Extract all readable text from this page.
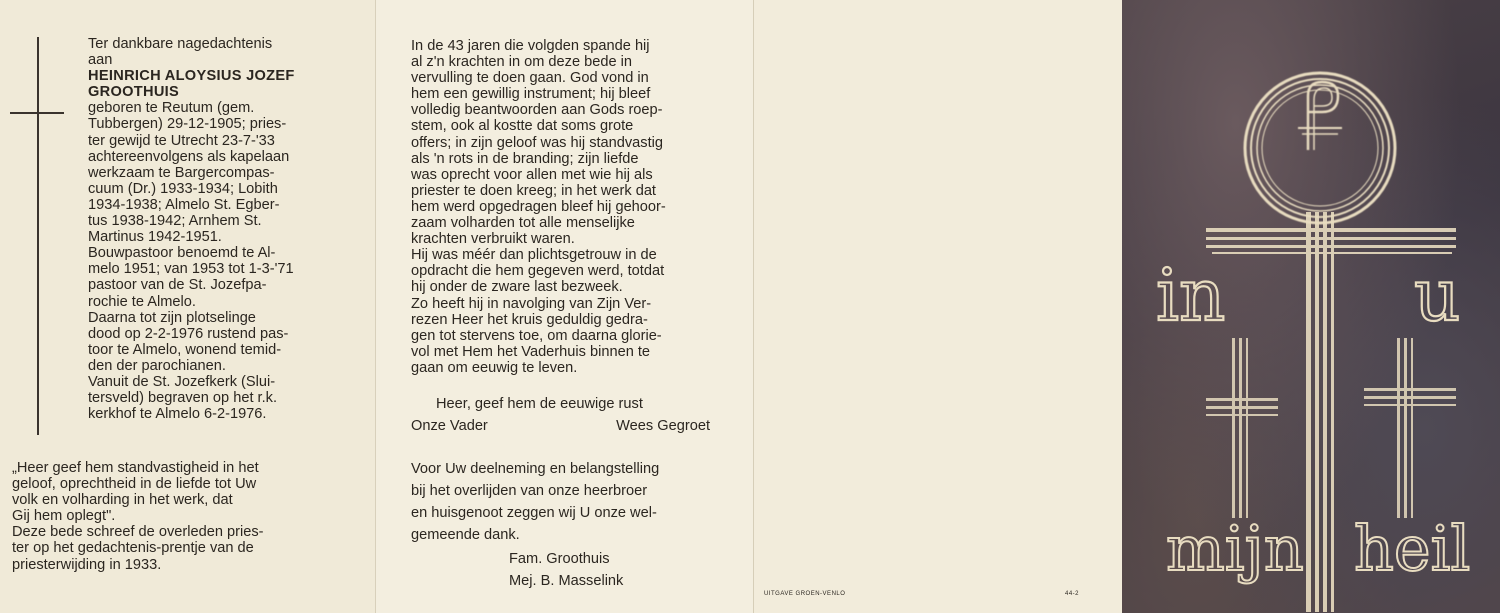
Ter dankbare nagedachtenis

aan

HEINRICH ALOYSIUS JOZEF

GROOTHUIS

geboren te Reutum (gem.

Tubbergen) 29-12-1905; pries-

ter gewijd te Utrecht 23-7-'33

achtereenvolgens als kapelaan

werkzaam te Bargercompas-

cuum (Dr.) 1933-1934; Lobith

1934-1938; Almelo St. Egber-

tus 1938-1942; Arnhem St.

Martinus 1942-1951.

Bouwpastoor benoemd te Al-

melo 1951; van 1953 tot 1-3-'71

pastoor van de St. Jozefpa-

rochie te Almelo.

Daarna tot zijn plotselinge

dood op 2-2-1976 rustend pas-

toor te Almelo, wonend temid-

den der parochianen.

Vanuit de St. Jozefkerk (Slui-

tersveld) begraven op het r.k.

kerkhof te Almelo 6-2-1976.

„Heer geef hem standvastigheid in het

geloof, oprechtheid in de liefde tot Uw

volk en volharding in het werk, dat

Gij hem oplegt".

Deze bede schreef de overleden pries-

ter op het gedachtenis-prentje van de

priesterwijding in 1933.

In de 43 jaren die volgden spande hij

al z'n krachten in om deze bede in

vervulling te doen gaan. God vond in

hem een gewillig instrument; hij bleef

volledig beantwoorden aan Gods roep-

stem, ook al kostte dat soms grote

offers; in zijn geloof was hij standvastig

als 'n rots in de branding; zijn liefde

was oprecht voor allen met wie hij als

priester te doen kreeg; in het werk dat

hem werd opgedragen bleef hij gehoor-

zaam volharden tot alle menselijke

krachten verbruikt waren.

Hij was méér dan plichtsgetrouw in de

opdracht die hem gegeven werd, totdat

hij onder de zware last bezweek.

Zo heeft hij in navolging van Zijn Ver-

rezen Heer het kruis geduldig gedra-

gen tot stervens toe, om daarna glorie-

vol met Hem het Vaderhuis binnen te

gaan om eeuwig te leven.

Heer, geef hem de eeuwige rust
Onze Vader	Wees Gegroet

Voor Uw deelneming en belangstelling

bij het overlijden van onze heerbroer

en huisgenoot zeggen wij U onze wel-

gemeende dank.

Fam. Groothuis
Mej. B. Masselink
UITGAVE GROEN-VENLO	44-2
in	u
mijn heil
